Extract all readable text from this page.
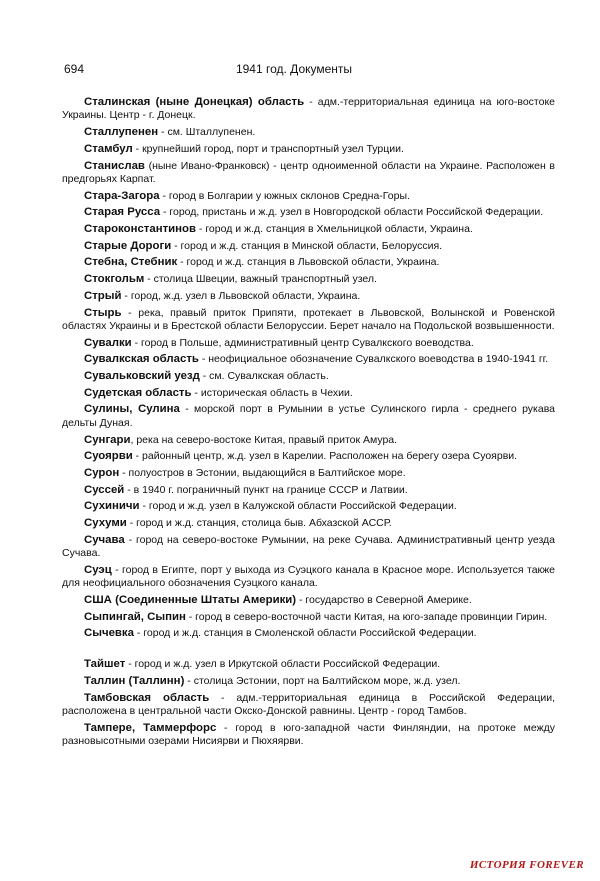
694	1941 год. Документы

Сталинская (ныне Донецкая) область - адм.-территориальная единица на юго-востоке Украины. Центр - г. Донецк.

Сталлупенен - см. Шталлупенен.

Стамбул - крупнейший город, порт и транспортный узел Турции.

Станислав (ныне Ивано-Франковск) - центр одноименной области на Украине. Расположен в предгорьях Карпат.

Стара-Загора - город в Болгарии у южных склонов Средна-Горы.

Старая Русса - город, пристань и ж.д. узел в Новгородской области Российской Федерации.

Староконстантинов - город и ж.д. станция в Хмельницкой области, Украина.

Старые Дороги - город и ж.д. станция в Минской области, Белоруссия.

Стебна, Стебник - город и ж.д. станция в Львовской области, Украина.

Стокгольм - столица Швеции, важный транспортный узел.

Стрый - город, ж.д. узел в Львовской области, Украина.

Стырь - река, правый приток Припяти, протекает в Львовской, Волынской и Ровенской областях Украины и в Брестской области Белоруссии. Берет начало на Подольской возвышенности.

Сувалки - город в Польше, административный центр Сувалкского воеводства.

Сувалкская область - неофициальное обозначение Сувалкского воеводства в 1940-1941 гг.

Сувальковский уезд - см. Сувалкская область.

Судетская область - историческая область в Чехии.

Сулины, Сулина - морской порт в Румынии в устье Сулинского гирла - среднего рукава дельты Дуная.

Сунгари, река на северо-востоке Китая, правый приток Амура.

Суоярви - районный центр, ж.д. узел в Карелии. Расположен на берегу озера Суоярви.

Сурон - полуостров в Эстонии, выдающийся в Балтийское море.

Суссей - в 1940 г. пограничный пункт на границе СССР и Латвии.

Сухиничи - город и ж.д. узел в Калужской области Российской Федерации.

Сухуми - город и ж.д. станция, столица быв. Абхазской АССР.

Сучава - город на северо-востоке Румынии, на реке Сучава. Административный центр уезда Сучава.

Суэц - город в Египте, порт у выхода из Суэцкого канала в Красное море. Используется также для неофициального обозначения Суэцкого канала.

США (Соединенные Штаты Америки) - государство в Северной Америке.

Сыпингай, Сыпин - город в северо-восточной части Китая, на юго-западе провинции Гирин.

Сычевка - город и ж.д. станция в Смоленской области Российской Федерации.

Тайшет - город и ж.д. узел в Иркутской области Российской Федерации.

Таллин (Таллинн) - столица Эстонии, порт на Балтийском море, ж.д. узел.

Тамбовская область - адм.-территориальная единица в Российской Федерации, расположена в центральной части Окско-Донской равнины. Центр - город Тамбов.

Тампере, Таммерфорс - город в юго-западной части Финляндии, на протоке между разновысотными озерами Нисиярви и Пюхяярви.

ИСТОРИЯ FOREVER
